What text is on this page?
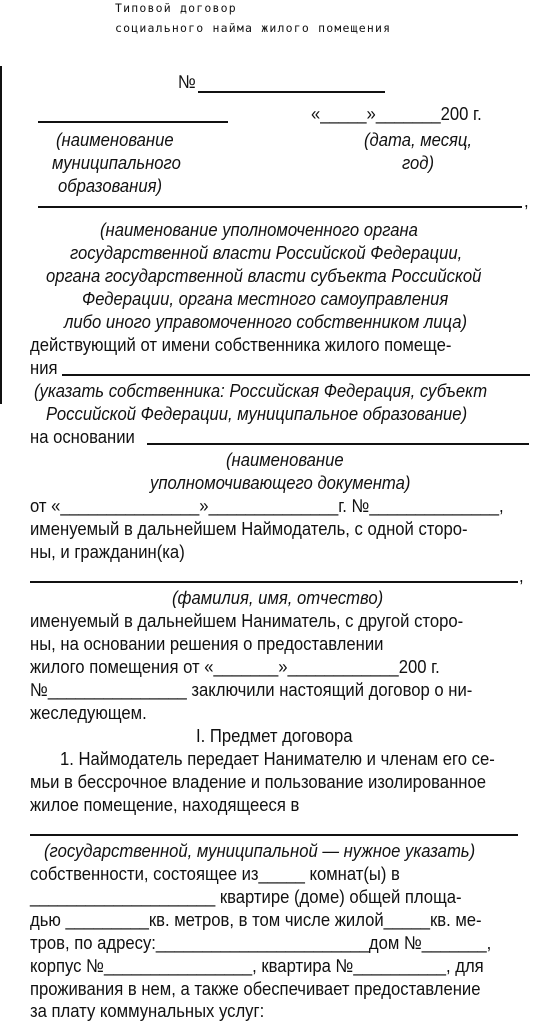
Типовой договор
социального найма жилого помещения
№
«_____»_______200 г.
(наименование
муниципального
образования)
(дата, месяц,
год)
,
(наименование уполномоченного органа
государственной власти Российской Федерации,
органа государственной власти субъекта Российской
Федерации, органа местного самоуправления
либо иного управомоченного собственником лица)
действующий от имени собственника жилого помеще-
ния
(указать собственника: Российская Федерация, субъект
Российской Федерации, муниципальное образование)
на основании
(наименование
уполномочивающего документа)
от «_______________»______________г. №______________,
именуемый в дальнейшем Наймодатель, с одной сторо-
ны, и гражданин(ка)
,
(фамилия, имя, отчество)
именуемый в дальнейшем Наниматель, с другой сторо-
ны, на основании решения о предоставлении
жилого помещения от «_______»____________200 г.
№_______________ заключили настоящий договор о ни-
жеследующем.
I. Предмет договора
1. Наймодатель передает Нанимателю и членам его се-
мьи в бессрочное владение и пользование изолированное
жилое помещение, находящееся в
(государственной, муниципальной — нужное указать)
собственности, состоящее из_____ комнат(ы) в
____________________ квартире (доме) общей площа-
дью _________кв. метров, в том числе жилой_____кв. ме-
тров, по адресу:_______________________дом №_______,
корпус №________________, квартира №__________, для
проживания в нем, а также обеспечивает предоставление
за плату коммунальных услуг:
